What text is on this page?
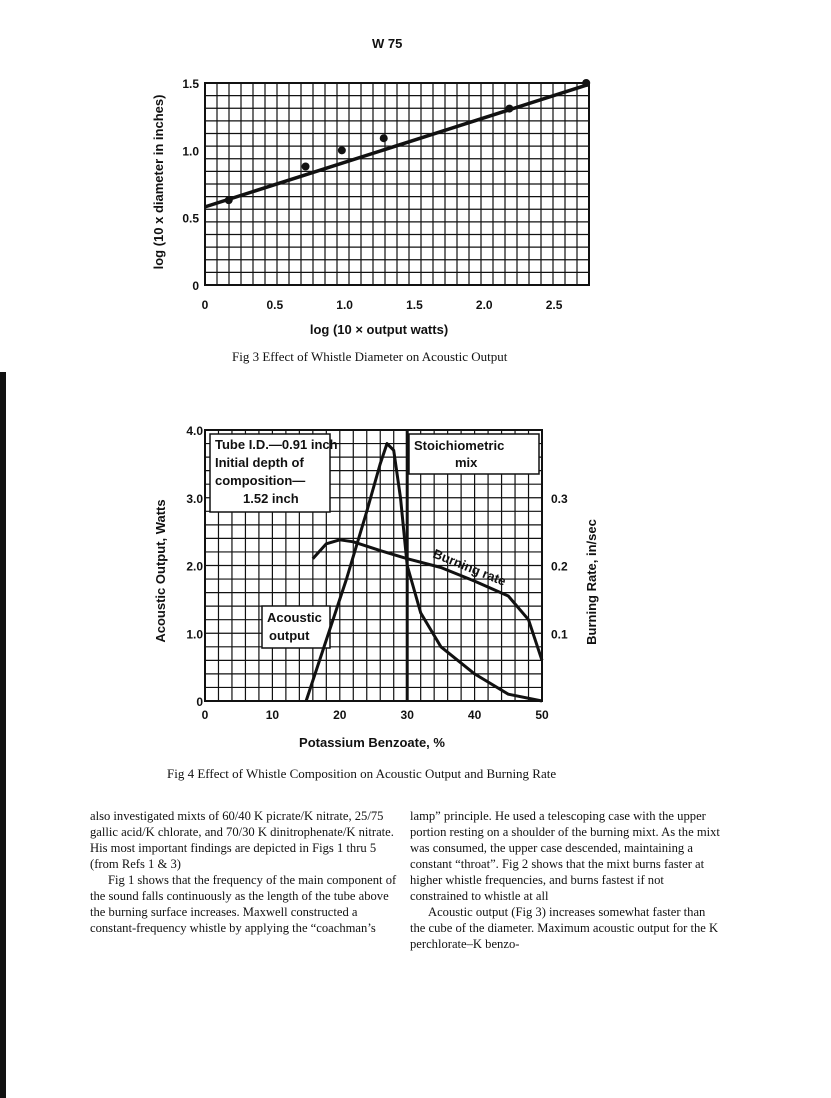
W 75
0	0.5	1.0	1.5	2.0	2.5
0
0.5
1.0
1.5
log (10 × output watts)
log (10 x diameter in inches)
Tube I.D.—0.91 inch
Initial depth of
composition—
1.52 inch
Stoichiometric
mix
Acoustic
output
Burning rate
0	10	20	30	40	50
0
1.0
2.0
3.0
4.0
0.1
0.2
0.3
Potassium Benzoate, %
Acoustic Output, Watts	Burning Rate, in/sec
Fig 3 Effect of Whistle Diameter on Acoustic Output
Fig 4 Effect of Whistle Composition on Acoustic Output and Burning Rate

also investigated mixts of 60/40 K picrate/K nitrate, 25/75 gallic acid/K chlorate, and 70/30 K dinitrophenate/K nitrate. His most important findings are depicted in Figs 1 thru 5 (from Refs 1 & 3)

Fig 1 shows that the frequency of the main component of the sound falls continuously as the length of the tube above the burning surface increases. Maxwell constructed a constant-frequency whistle by applying the “coachman’s

lamp” principle. He used a telescoping case with the upper portion resting on a shoulder of the burning mixt. As the mixt was consumed, the upper case descended, maintaining a constant “throat”. Fig 2 shows that the mixt burns faster at higher whistle frequencies, and burns fastest if not constrained to whistle at all

Acoustic output (Fig 3) increases somewhat faster than the cube of the diameter. Maximum acoustic output for the K perchlorate–K benzo-
